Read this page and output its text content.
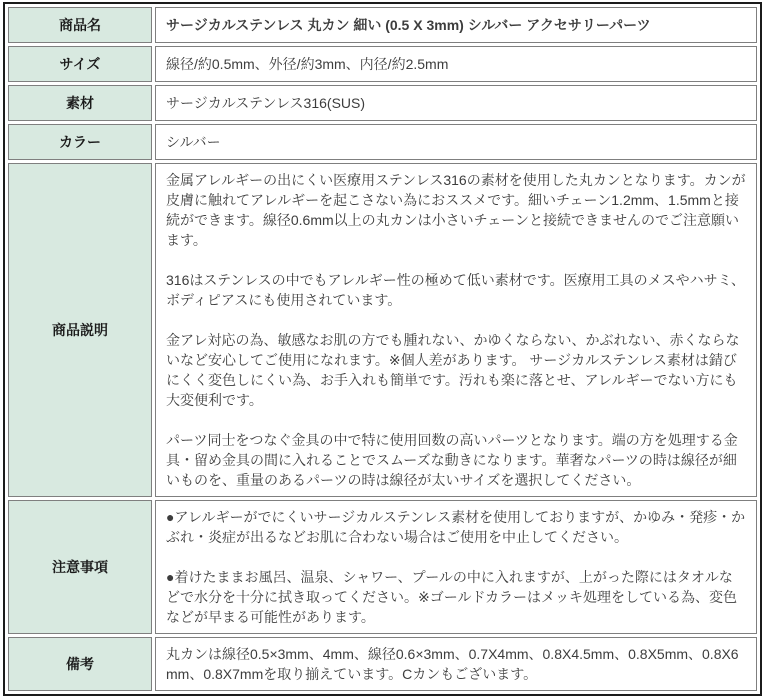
商品名	サージカルステンレス 丸カン 細い (0.5 X 3mm) シルバー アクセサリーパーツ

サイズ	線径/約0.5mm、外径/約3mm、内径/約2.5mm

素材	サージカルステンレス316(SUS)

カラー	シルバー

商品説明	金属アレルギーの出にくい医療用ステンレス316の素材を使用した丸カンとなります。カンが皮膚に触れてアレルギーを起こさない為におススメです。細いチェーン1.2mm、1.5mmと接続ができます。線径0.6mm以上の丸カンは小さいチェーンと接続できませんのでご注意願います。

316はステンレスの中でもアレルギー性の極めて低い素材です。医療用工具のメスやハサミ、ボディピアスにも使用されています。

金アレ対応の為、敏感なお肌の方でも腫れない、かゆくならない、かぶれない、赤くならないなど安心してご使用になれます。※個人差があります。 サージカルステンレス素材は錆びにくく変色しにくい為、お手入れも簡単です。汚れも楽に落とせ、アレルギーでない方にも大変便利です。

パーツ同士をつなぐ金具の中で特に使用回数の高いパーツとなります。端の方を処理する金具・留め金具の間に入れることでスムーズな動きになります。華奢なパーツの時は線径が細いものを、重量のあるパーツの時は線径が太いサイズを選択してください。

注意事項	●アレルギーがでにくいサージカルステンレス素材を使用しておりますが、かゆみ・発疹・かぶれ・炎症が出るなどお肌に合わない場合はご使用を中止してください。

●着けたままお風呂、温泉、シャワー、プールの中に入れますが、上がった際にはタオルなどで水分を十分に拭き取ってください。※ゴールドカラーはメッキ処理をしている為、変色などが早まる可能性があります。

備考	丸カンは線径0.5×3mm、4mm、線径0.6×3mm、0.7X4mm、0.8X4.5mm、0.8X5mm、0.8X6mm、0.8X7mmを取り揃えています。Cカンもございます。
